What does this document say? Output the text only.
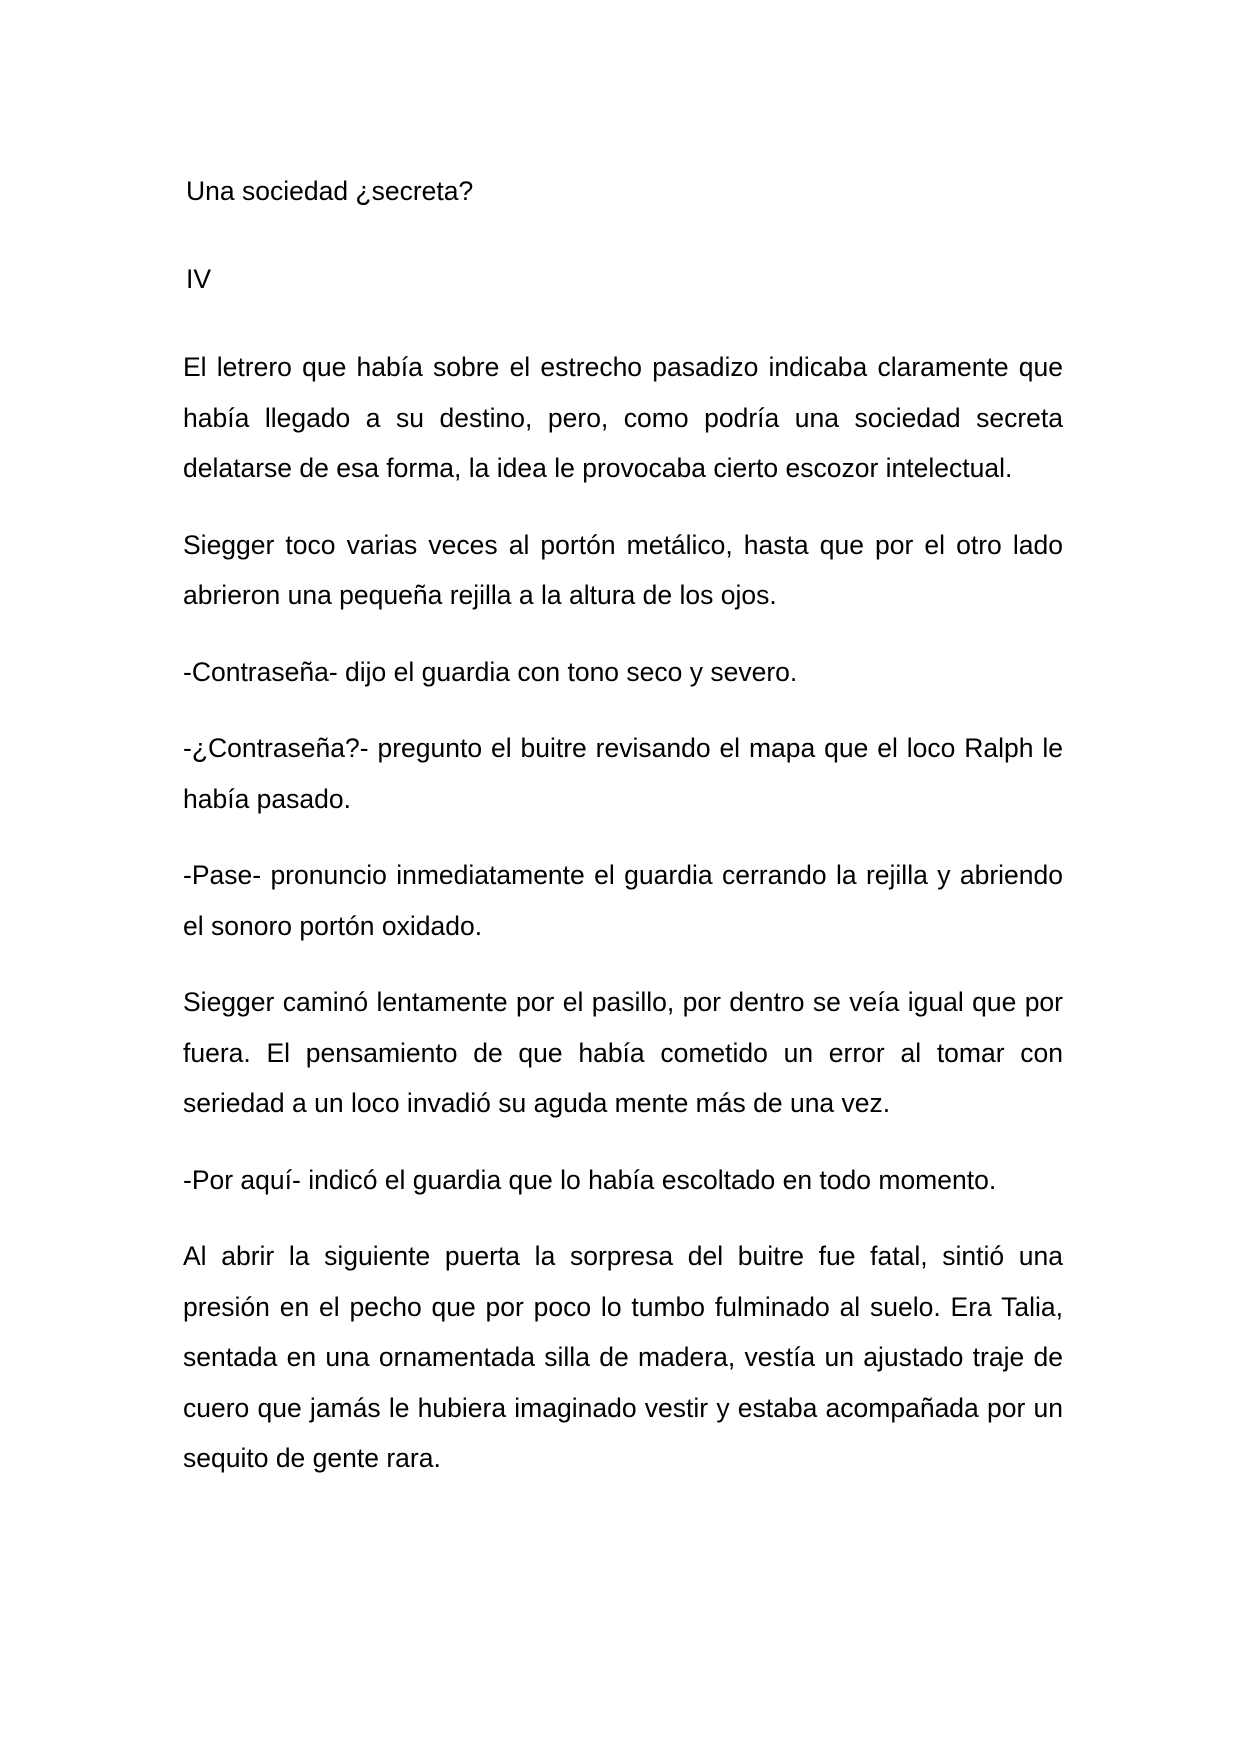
Una sociedad ¿secreta?

IV

El letrero que había sobre el estrecho pasadizo indicaba claramente que había llegado a su destino, pero, como podría una sociedad secreta delatarse de esa forma, la idea le provocaba cierto escozor intelectual.

Siegger toco varias veces al portón metálico, hasta que por el otro lado abrieron una pequeña rejilla a la altura de los ojos.

-Contraseña- dijo el guardia con tono seco y severo.

-¿Contraseña?- pregunto el buitre revisando el mapa que el loco Ralph le había pasado.

-Pase- pronuncio inmediatamente el guardia cerrando la rejilla y abriendo el sonoro portón oxidado.

Siegger caminó lentamente por el pasillo, por dentro se veía igual que por fuera. El pensamiento de que había cometido un error al tomar con seriedad a un loco invadió su aguda mente más de una vez.

-Por aquí- indicó el guardia que lo había escoltado en todo momento.

Al abrir la siguiente puerta la sorpresa del buitre fue fatal, sintió una presión en el pecho que por poco lo tumbo fulminado al suelo. Era Talia, sentada en una ornamentada silla de madera, vestía un ajustado traje de cuero que jamás le hubiera imaginado vestir y estaba acompañada por un sequito de gente rara.
